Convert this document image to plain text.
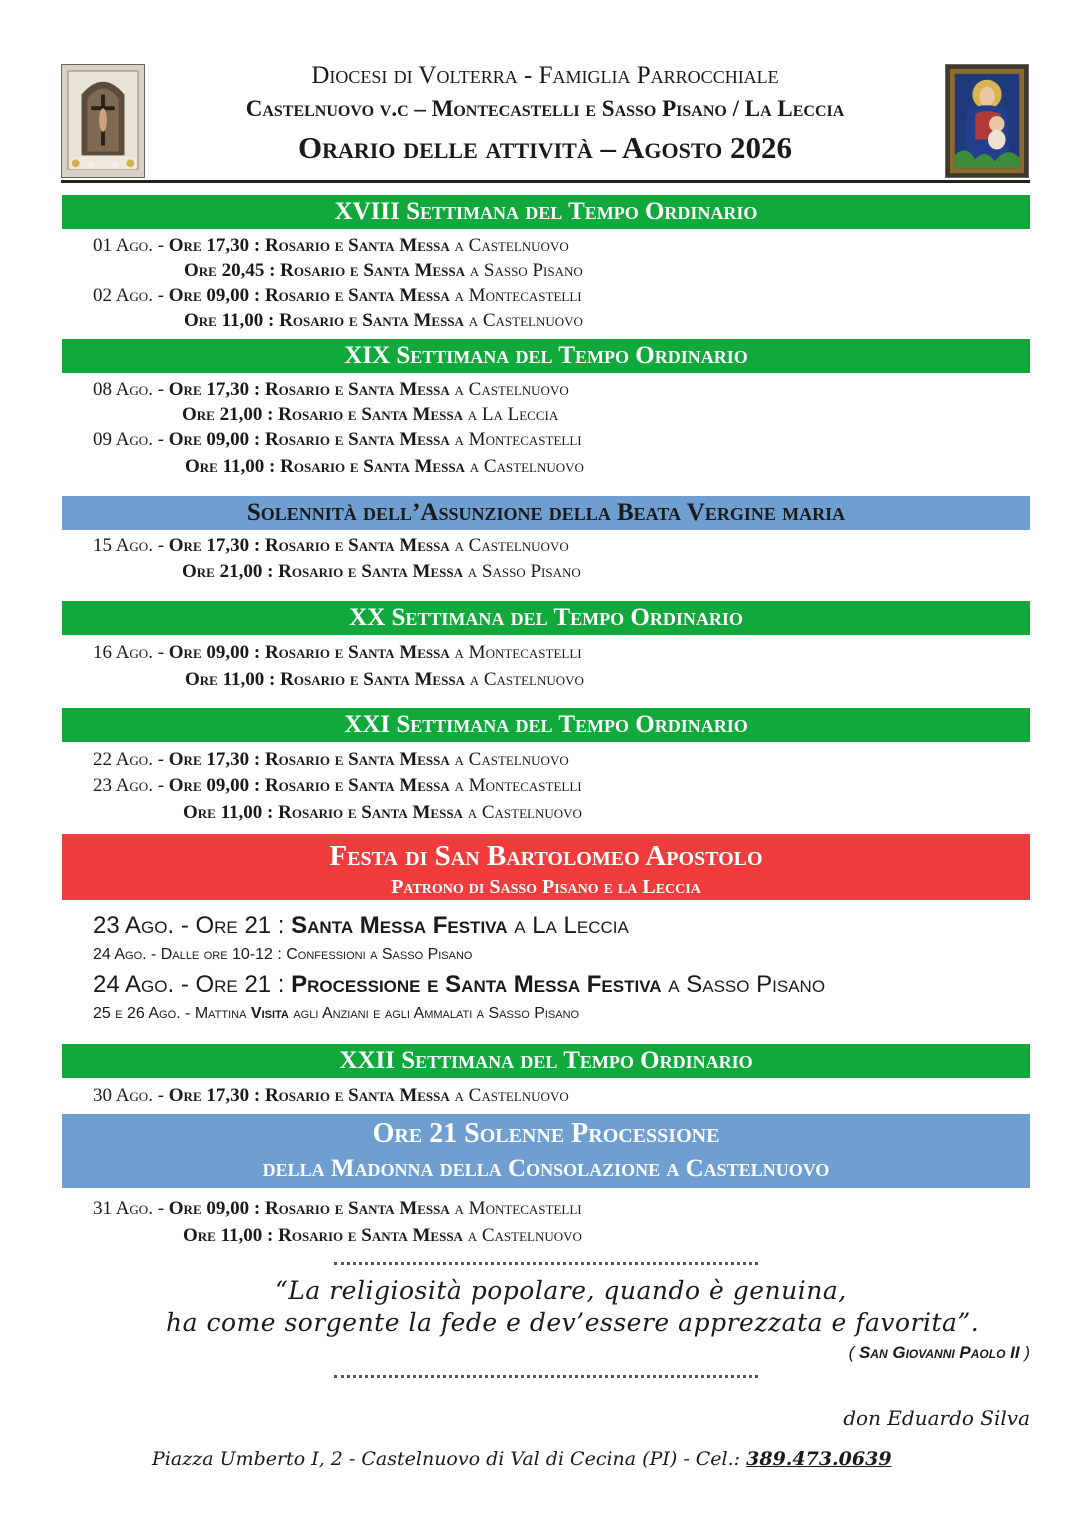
Diocesi di Volterra - Famiglia Parrocchiale
Castelnuovo v.c – Montecastelli e Sasso Pisano / La Leccia
Orario delle attività – Agosto 2026
XVIII Settimana del Tempo Ordinario
01 Ago. - Ore 17,30 : Rosario e Santa Messa a Castelnuovo
Ore 20,45 : Rosario e Santa Messa a Sasso Pisano
02 Ago. - Ore 09,00 : Rosario e Santa Messa a Montecastelli
Ore 11,00 : Rosario e Santa Messa a Castelnuovo
XIX Settimana del Tempo Ordinario
08 Ago. - Ore 17,30 : Rosario e Santa Messa a Castelnuovo
Ore 21,00 : Rosario e Santa Messa a La Leccia
09 Ago. - Ore 09,00 : Rosario e Santa Messa a Montecastelli
Ore 11,00 : Rosario e Santa Messa a Castelnuovo
Solennità dell’Assunzione della Beata Vergine maria
15 Ago. - Ore 17,30 : Rosario e Santa Messa a Castelnuovo
Ore 21,00 : Rosario e Santa Messa a Sasso Pisano
XX Settimana del Tempo Ordinario
16 Ago. - Ore 09,00 : Rosario e Santa Messa a Montecastelli
Ore 11,00 : Rosario e Santa Messa a Castelnuovo
XXI Settimana del Tempo Ordinario
22 Ago. - Ore 17,30 : Rosario e Santa Messa a Castelnuovo
23 Ago. - Ore 09,00 : Rosario e Santa Messa a Montecastelli
Ore 11,00 : Rosario e Santa Messa a Castelnuovo
Festa di San Bartolomeo Apostolo
Patrono di Sasso Pisano e la Leccia
23 Ago. - Ore 21 : Santa Messa Festiva a La Leccia
24 Ago. - Dalle ore 10-12 : Confessioni a Sasso Pisano
24 Ago. - Ore 21 : Processione e Santa Messa Festiva a Sasso Pisano
25 e 26 Ago. - Mattina Visita agli Anziani e agli Ammalati a Sasso Pisano
XXII Settimana del Tempo Ordinario
30 Ago. - Ore 17,30 : Rosario e Santa Messa a Castelnuovo
Ore 21 Solenne Processione
della Madonna della Consolazione a Castelnuovo
31 Ago. - Ore 09,00 : Rosario e Santa Messa a Montecastelli
Ore 11,00 : Rosario e Santa Messa a Castelnuovo
“La religiosità popolare, quando è genuina,
ha come sorgente la fede e dev’essere apprezzata e favorita”.
( San Giovanni Paolo II )
don Eduardo Silva
Piazza Umberto I, 2 - Castelnuovo di Val di Cecina (PI) - Cel.: 389.473.0639
